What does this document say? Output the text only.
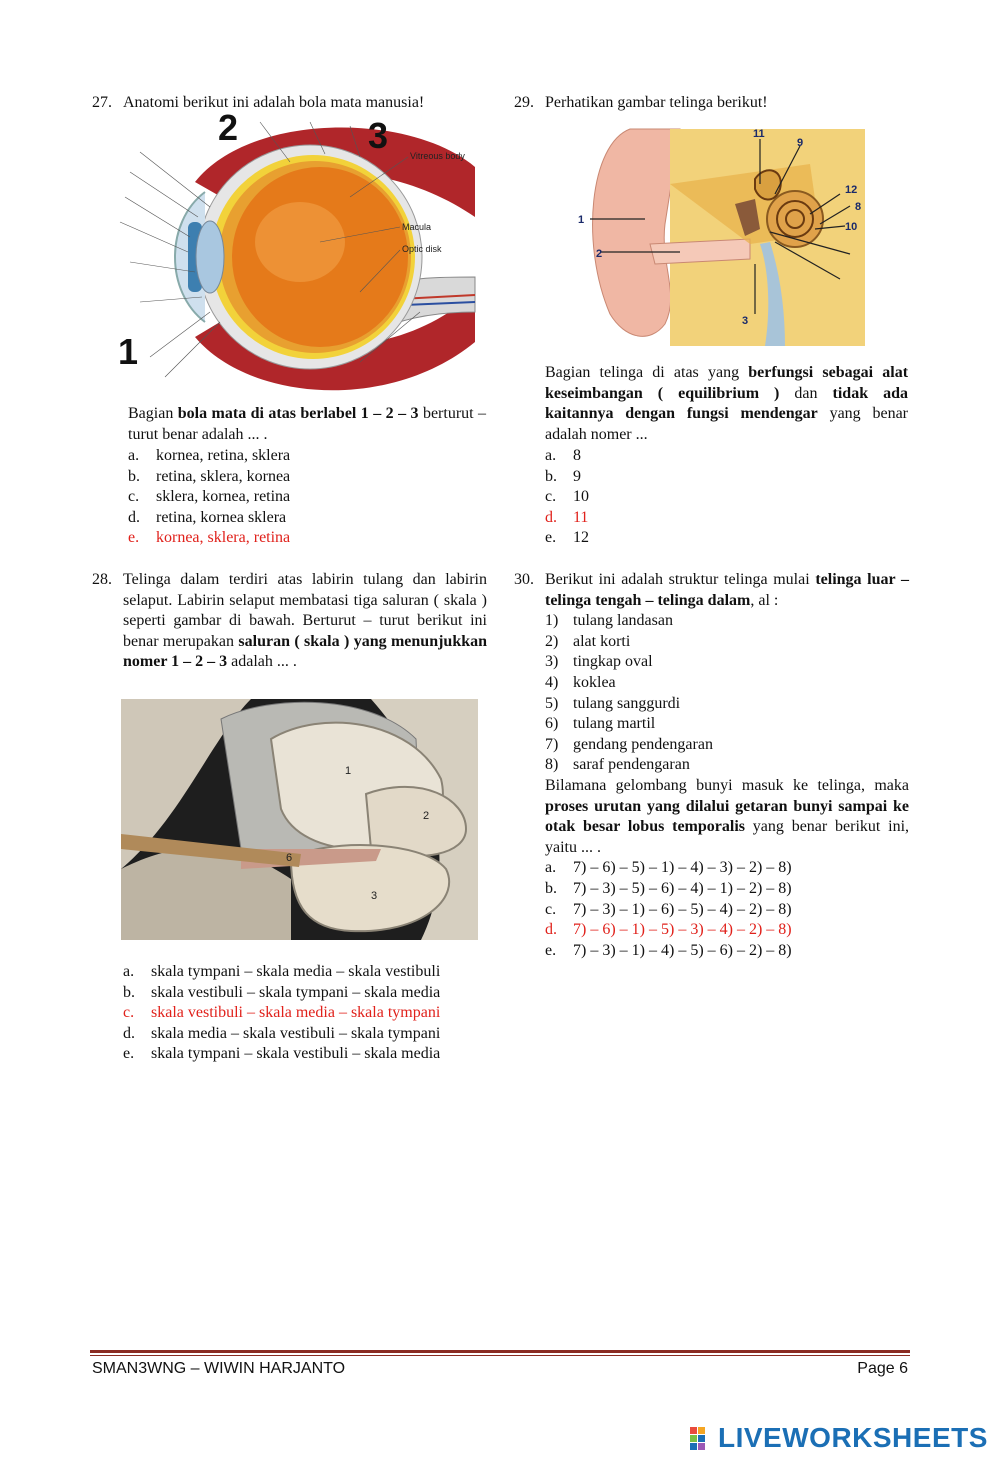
27. Anatomi berikut ini adalah bola mata manusia!
2	3
1
Vitreous body
Macula
Optic disk
Bagian bola mata di atas berlabel 1 – 2 – 3 berturut – turut benar adalah ... .
a.	kornea, retina, sklera
b.	retina, sklera, kornea
c.	sklera, kornea, retina
d.	retina, kornea sklera
e.	kornea, sklera, retina
28. Telinga dalam terdiri atas labirin tulang dan labirin selaput. Labirin selaput membatasi tiga saluran ( skala ) seperti gambar di bawah. Berturut – turut berikut ini benar merupakan saluran ( skala ) yang menunjukkan nomer 1 – 2 – 3 adalah ... .
1
2
3
6
a.	skala tympani – skala media – skala vestibuli
b.	skala vestibuli – skala tympani – skala media
c.	skala vestibuli – skala media – skala tympani
d.	skala media – skala vestibuli – skala tympani
e.	skala tympani – skala vestibuli – skala media
29. Perhatikan gambar telinga berikut!
11
9
12
8
10
1
2
3
Bagian telinga di atas yang berfungsi sebagai alat keseimbangan ( equilibrium ) dan tidak ada kaitannya dengan fungsi mendengar yang benar adalah nomer ...
a.	8
b.	9
c.	10
d.	11
e.	12
30. Berikut ini adalah struktur telinga mulai telinga luar – telinga tengah – telinga dalam, al :
1) tulang landasan
2) alat korti
3) tingkap oval
4) koklea
5) tulang sanggurdi
6) tulang martil
7) gendang pendengaran
8) saraf pendengaran
Bilamana gelombang bunyi masuk ke telinga, maka proses urutan yang dilalui getaran bunyi sampai ke otak besar lobus temporalis yang benar berikut ini, yaitu ... .
a.	7) – 6) – 5) – 1) – 4) – 3) – 2) – 8)
b.	7) – 3) – 5) – 6) – 4) – 1) – 2) – 8)
c.	7) – 3) – 1) – 6) – 5) – 4) – 2) – 8)
d.	7) – 6) – 1) – 5) – 3) – 4) – 2) – 8)
e.	7) – 3) – 1) – 4) – 5) – 6) – 2) – 8)
SMAN3WNG – WIWIN HARJANTO	Page 6
LIVEWORKSHEETS
